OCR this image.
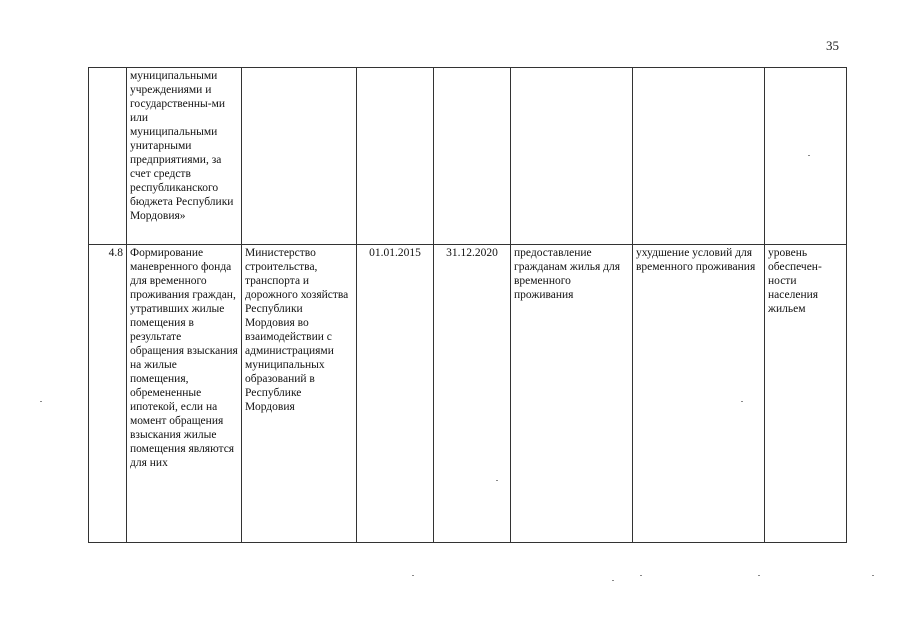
35
	муниципальными учреждениями и государственны-ми или муниципальными унитарными предприятиями, за счет средств республиканского бюджета Республики Мордовия»						
4.8	Формирование маневренного фонда для временного проживания граждан, утративших жилые помещения в результате обращения взыскания на жилые помещения, обремененные ипотекой, если на момент обращения взыскания жилые помещения являются для них	Министерство строительства, транспорта и дорожного хозяйства Республики Мордовия во взаимодействии с администрациями муниципальных образований в Республике Мордовия	01.01.2015	31.12.2020	предоставление гражданам жилья для временного проживания	ухудшение условий для временного проживания	уровень обеспечен-ности населения жильем
